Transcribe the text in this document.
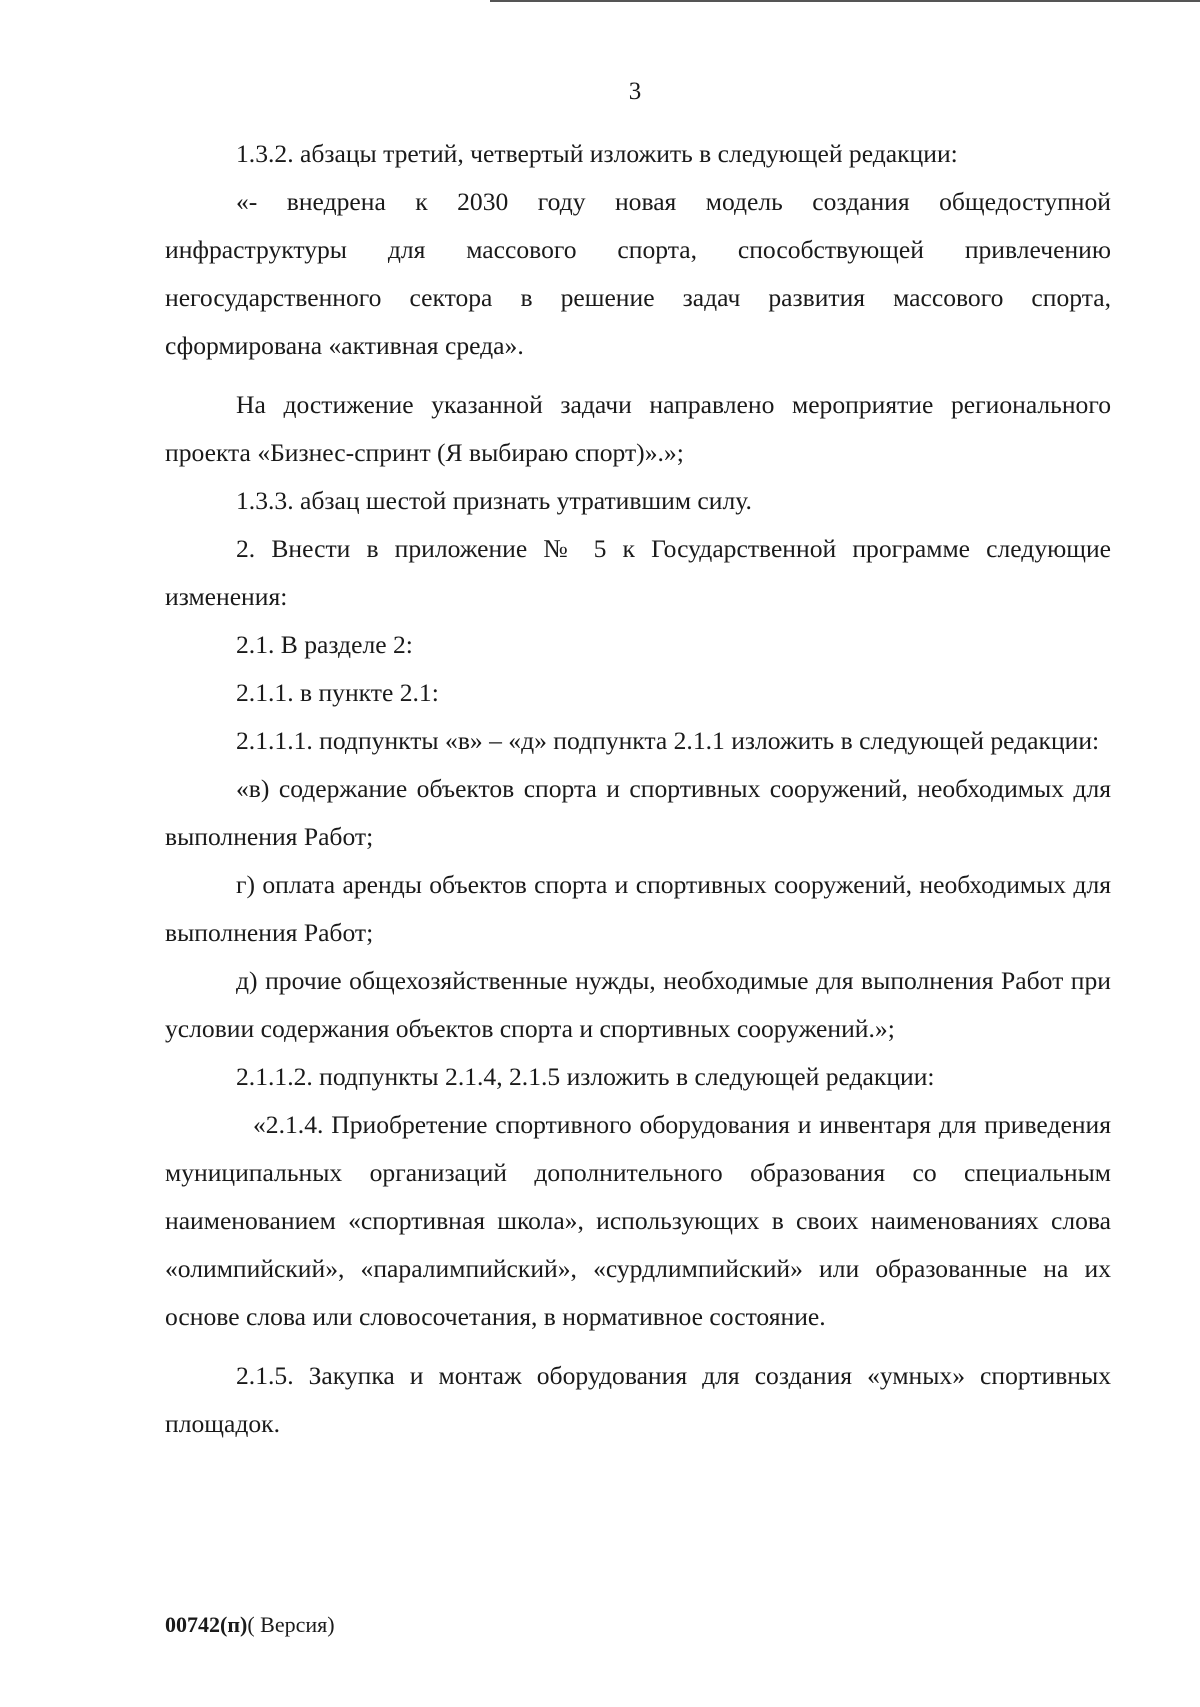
3

1.3.2. абзацы третий, четвертый изложить в следующей редакции:

«- внедрена к 2030 году новая модель создания общедоступной инфраструктуры для массового спорта, способствующей привлечению негосударственного сектора в решение задач развития массового спорта, сформирована «активная среда».

На достижение указанной задачи направлено мероприятие регионального проекта «Бизнес-спринт (Я выбираю спорт)».»;

1.3.3. абзац шестой признать утратившим силу.

2. Внести в приложение № 5 к Государственной программе следующие изменения:

2.1. В разделе 2:

2.1.1. в пункте 2.1:

2.1.1.1. подпункты «в» – «д» подпункта 2.1.1 изложить в следующей редакции:

«в) содержание объектов спорта и спортивных сооружений, необходимых для выполнения Работ;

г) оплата аренды объектов спорта и спортивных сооружений, необходимых для выполнения Работ;

д) прочие общехозяйственные нужды, необходимые для выполнения Работ при условии содержания объектов спорта и спортивных сооружений.»;

2.1.1.2. подпункты 2.1.4, 2.1.5 изложить в следующей редакции:

«2.1.4. Приобретение спортивного оборудования и инвентаря для приведения муниципальных организаций дополнительного образования со специальным наименованием «спортивная школа», использующих в своих наименованиях слова «олимпийский», «паралимпийский», «сурдлимпийский» или образованные на их основе слова или словосочетания, в нормативное состояние.

2.1.5. Закупка и монтаж оборудования для создания «умных» спортивных площадок.

00742(п)( Версия)
